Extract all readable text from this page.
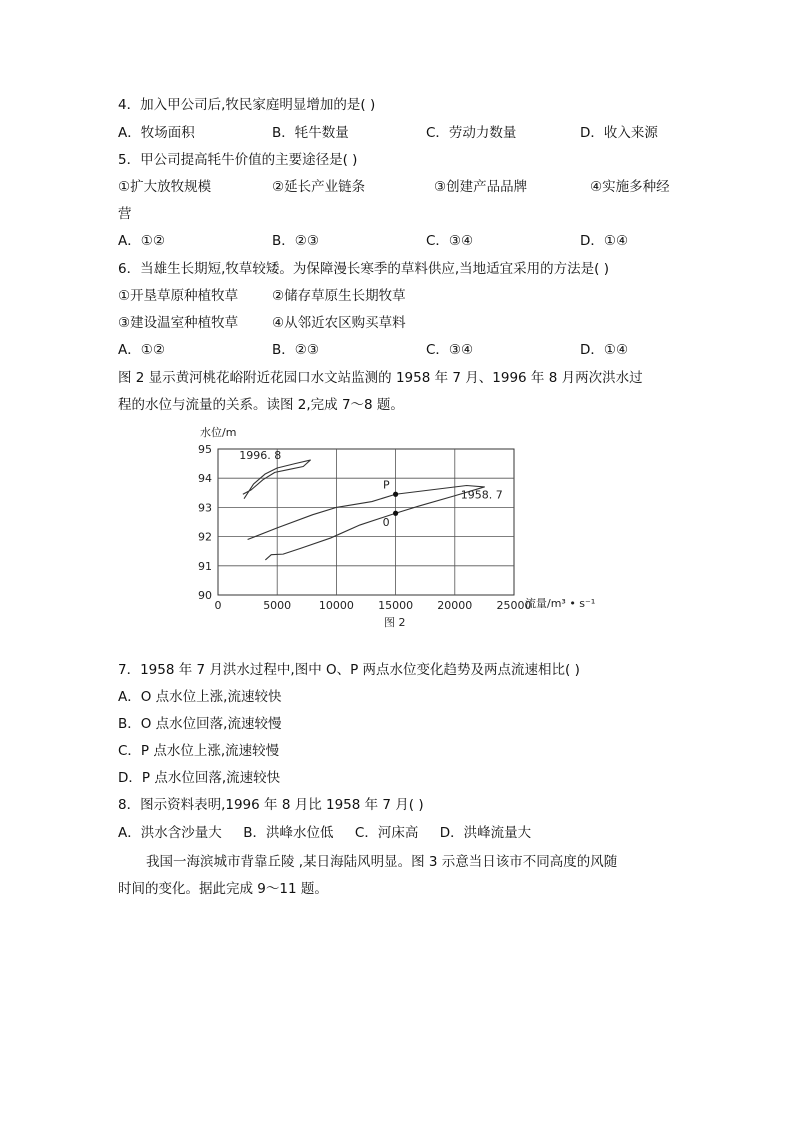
4．加入甲公司后,牧民家庭明显增加的是( )
A．牧场面积	B．牦牛数量	C．劳动力数量	D．收入来源
5．甲公司提高牦牛价值的主要途径是( )
①扩大放牧规模	②延长产业链条	③创建产品品牌	④实施多种经
营
A．①②	B．②③	C．③④	D．①④
6．当雄生长期短,牧草较矮。为保障漫长寒季的草料供应,当地适宜采用的方法是( )
①开垦草原种植牧草	②储存草原生长期牧草
③建设温室种植牧草	④从邻近农区购买草料
A．①②	B．②③	C．③④	D．①④
图 2 显示黄河桃花峪附近花园口水文站监测的 1958 年 7 月、1996 年 8 月两次洪水过
程的水位与流量的关系。读图 2,完成 7～8 题。
水位/m
0	5000	10000 15000 20000 25000
90
91
92
93
94
95 1996. 8
1958. 7
P
0
流量/m³ • s⁻¹
图 2
7．1958 年 7 月洪水过程中,图中 O、P 两点水位变化趋势及两点流速相比( )
A．O 点水位上涨,流速较快
B．O 点水位回落,流速较慢
C．P 点水位上涨,流速较慢
D．P 点水位回落,流速较快
8．图示资料表明,1996 年 8 月比 1958 年 7 月( )
A．洪水含沙量大     B．洪峰水位低     C．河床高     D．洪峰流量大
我国一海滨城市背靠丘陵 ,某日海陆风明显。图 3 示意当日该市不同高度的风随
时间的变化。据此完成 9～11 题。
